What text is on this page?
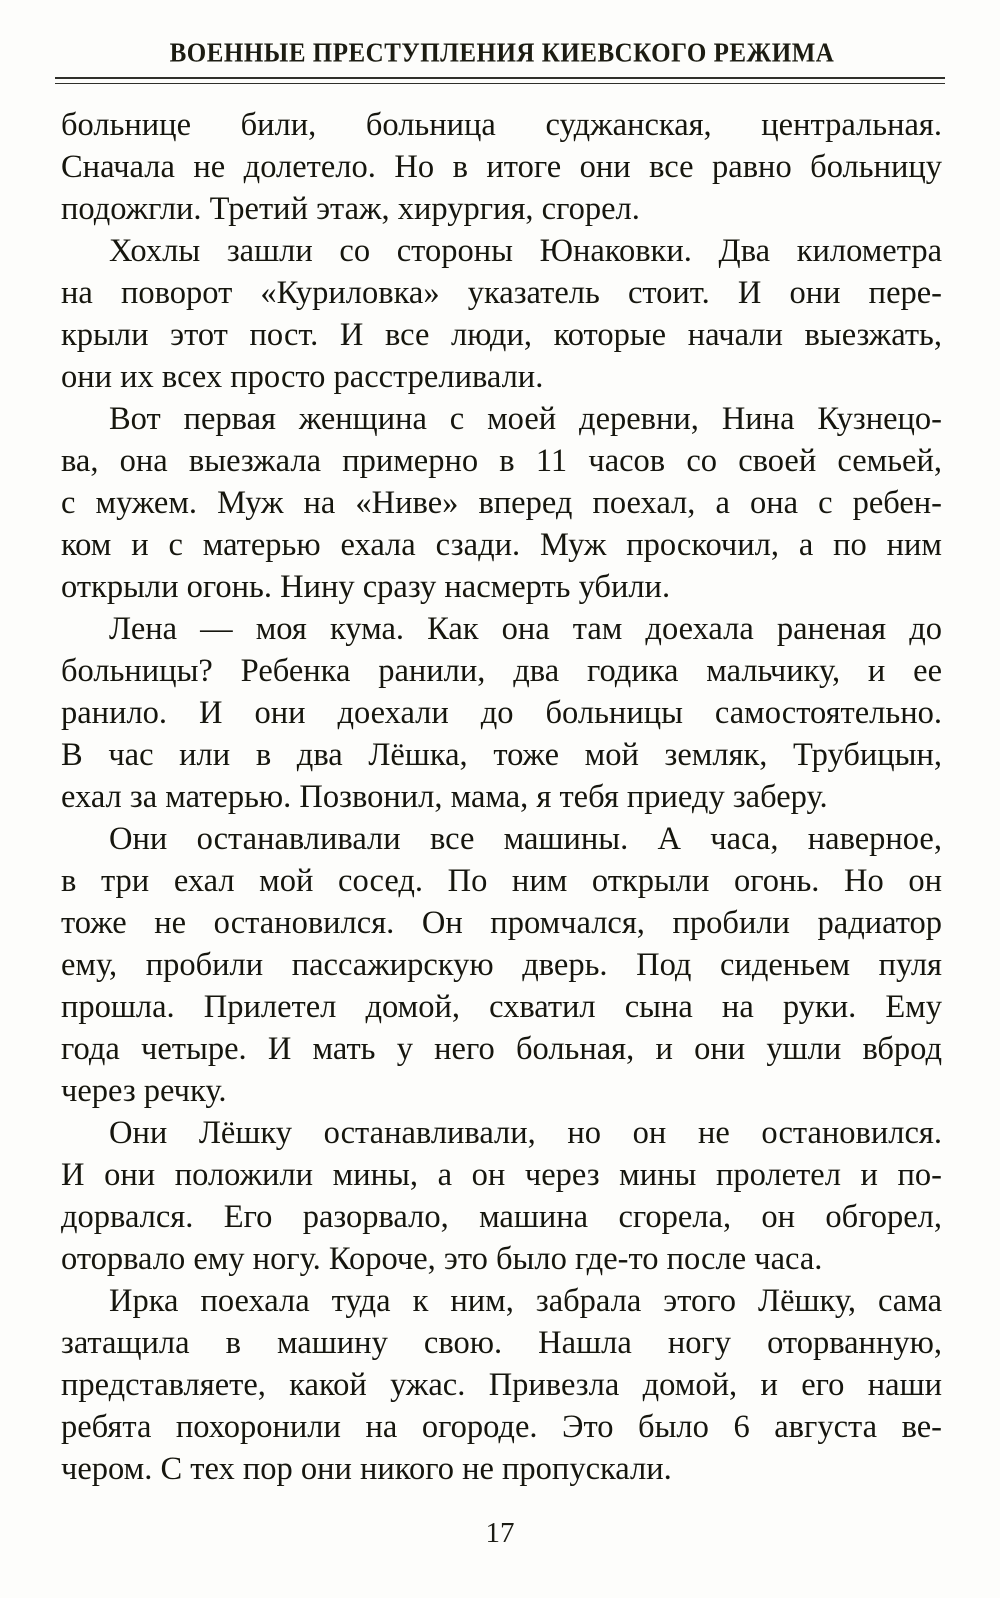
ВОЕННЫЕ ПРЕСТУПЛЕНИЯ КИЕВСКОГО РЕЖИМА
больнице били, больница суджанская, центральная.
Сначала не долетело. Но в итоге они все равно больницу
подожгли. Третий этаж, хирургия, сгорел.
Хохлы зашли со стороны Юнаковки. Два километра
на поворот «Куриловка» указатель стоит. И они пере-
крыли этот пост. И все люди, которые начали выезжать,
они их всех просто расстреливали.
Вот первая женщина с моей деревни, Нина Кузнецо-
ва, она выезжала примерно в 11 часов со своей семьей,
с мужем. Муж на «Ниве» вперед поехал, а она с ребен-
ком и с матерью ехала сзади. Муж проскочил, а по ним
открыли огонь. Нину сразу насмерть убили.
Лена — моя кума. Как она там доехала раненая до
больницы? Ребенка ранили, два годика мальчику, и ее
ранило. И они доехали до больницы самостоятельно.
В час или в два Лёшка, тоже мой земляк, Трубицын,
ехал за матерью. Позвонил, мама, я тебя приеду заберу.
Они останавливали все машины. А часа, наверное,
в три ехал мой сосед. По ним открыли огонь. Но он
тоже не остановился. Он промчался, пробили радиатор
ему, пробили пассажирскую дверь. Под сиденьем пуля
прошла. Прилетел домой, схватил сына на руки. Ему
года четыре. И мать у него больная, и они ушли вброд
через речку.
Они Лёшку останавливали, но он не остановился.
И они положили мины, а он через мины пролетел и по-
дорвался. Его разорвало, машина сгорела, он обгорел,
оторвало ему ногу. Короче, это было где-то после часа.
Ирка поехала туда к ним, забрала этого Лёшку, сама
затащила в машину свою. Нашла ногу оторванную,
представляете, какой ужас. Привезла домой, и его наши
ребята похоронили на огороде. Это было 6 августа ве-
чером. С тех пор они никого не пропускали.
17
